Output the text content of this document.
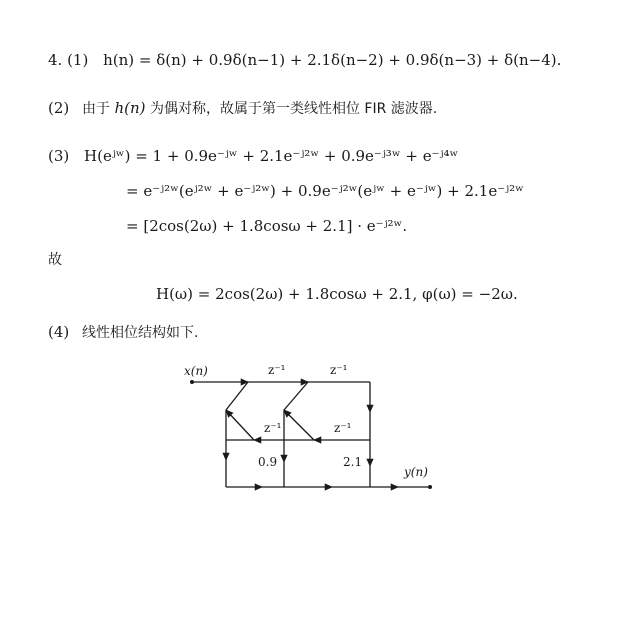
4. (1) h(n) = δ(n) + 0.9δ(n−1) + 2.1δ(n−2) + 0.9δ(n−3) + δ(n−4).
(2) 由于 h(n) 为偶对称，故属于第一类线性相位 FIR 滤波器.
(3) H(eʲʷ) = 1 + 0.9e⁻ʲʷ + 2.1e⁻ʲ²ʷ + 0.9e⁻ʲ³ʷ + e⁻ʲ⁴ʷ
= e⁻ʲ²ʷ(eʲ²ʷ + e⁻ʲ²ʷ) + 0.9e⁻ʲ²ʷ(eʲʷ + e⁻ʲʷ) + 2.1e⁻ʲ²ʷ
= [2cos(2ω) + 1.8cosω + 2.1] · e⁻ʲ²ʷ.
故
H(ω) = 2cos(2ω) + 1.8cosω + 2.1, φ(ω) = −2ω.
(4) 线性相位结构如下.
x(n)
y(n)
z⁻¹	z⁻¹
z⁻¹	z⁻¹
0.9	2.1
